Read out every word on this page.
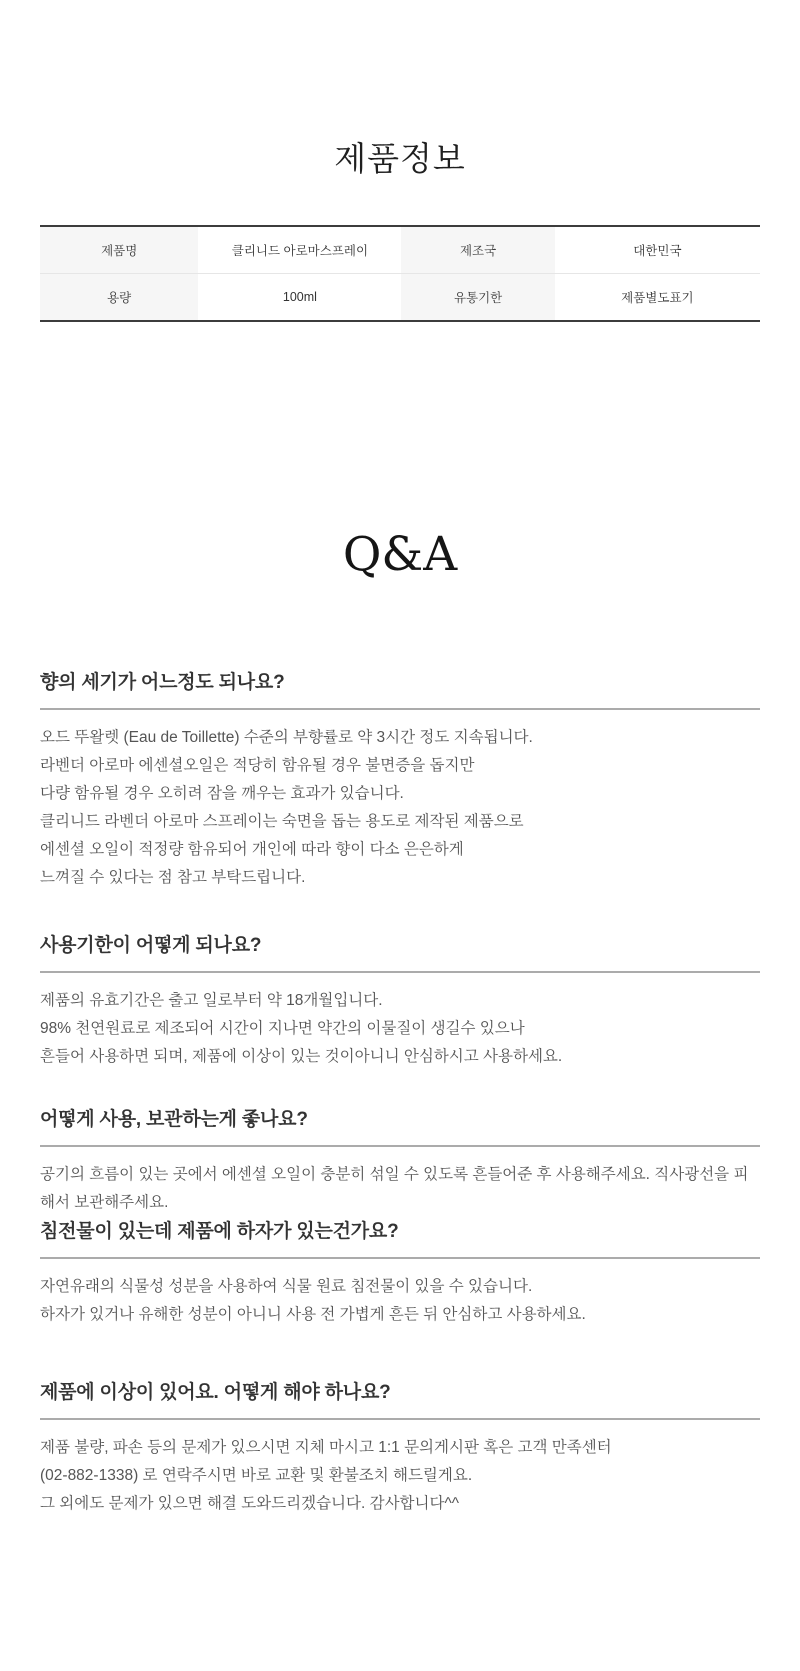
제품정보
제품명	클리니드 아로마스프레이	제조국	대한민국
용량	100ml	유통기한	제품별도표기
Q&A
향의 세기가 어느정도 되나요?

오드 뚜왈렛 (Eau de Toillette) 수준의 부향률로 약 3시간 정도 지속됩니다.

라벤더 아로마 에센셜오일은 적당히 함유될 경우 불면증을 돕지만

다량 함유될 경우 오히려 잠을 깨우는 효과가 있습니다.

클리니드 라벤더 아로마 스프레이는 숙면을 돕는 용도로 제작된 제품으로

에센셜 오일이 적정량 함유되어 개인에 따라 향이 다소 은은하게

느껴질 수 있다는 점 참고 부탁드립니다.

사용기한이 어떻게 되나요?

제품의 유효기간은 출고 일로부터 약 18개월입니다.

98% 천연원료로 제조되어 시간이 지나면 약간의 이물질이 생길수 있으나

흔들어 사용하면 되며, 제품에 이상이 있는 것이아니니 안심하시고 사용하세요.

어떻게 사용, 보관하는게 좋나요?

공기의 흐름이 있는 곳에서 에센셜 오일이 충분히 섞일 수 있도록 흔들어준 후 사용해주세요. 직사광선을 피해서 보관해주세요.

침전물이 있는데 제품에 하자가 있는건가요?

자연유래의 식물성 성분을 사용하여 식물 원료 침전물이 있을 수 있습니다.

하자가 있거나 유해한 성분이 아니니 사용 전 가볍게 흔든 뒤 안심하고 사용하세요.

제품에 이상이 있어요. 어떻게 해야 하나요?

제품 불량, 파손 등의 문제가 있으시면 지체 마시고 1:1 문의게시판 혹은 고객 만족센터

(02-882-1338) 로 연락주시면 바로 교환 및 환불조치 해드릴게요.

그 외에도 문제가 있으면 해결 도와드리겠습니다. 감사합니다^^
